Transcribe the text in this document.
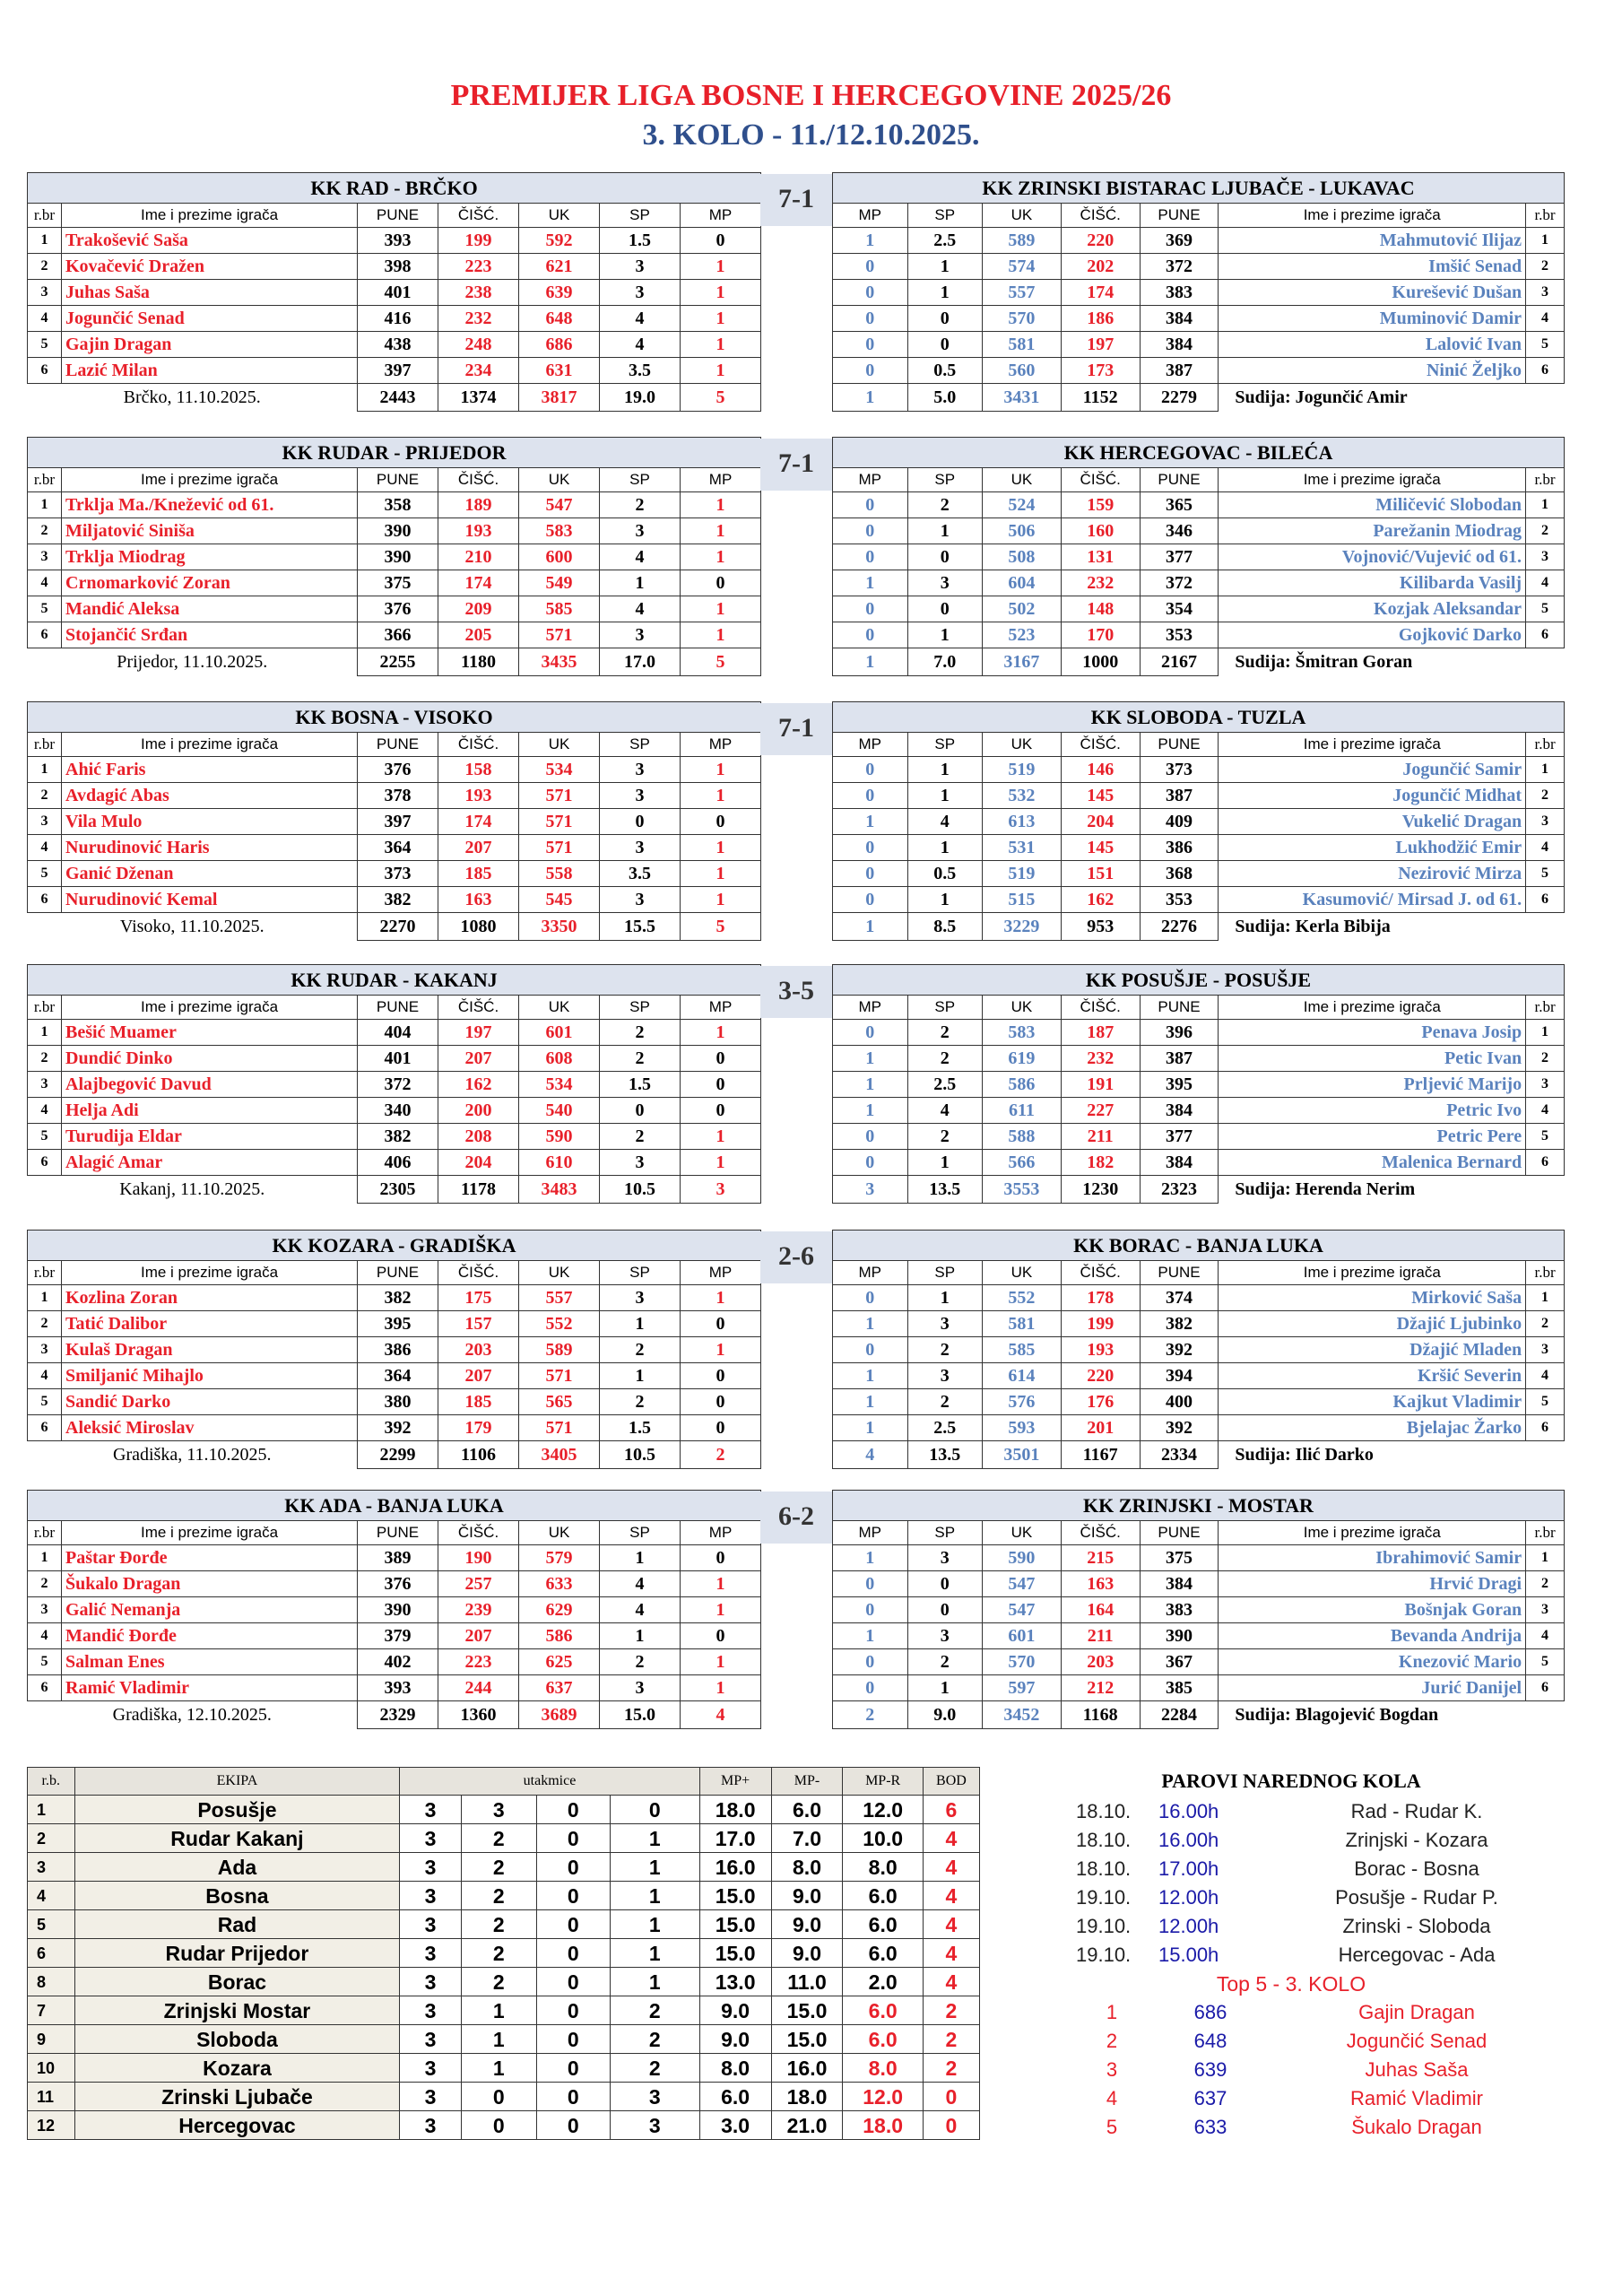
PREMIJER LIGA BOSNE I HERCEGOVINE 2025/26
3. KOLO - 11./12.10.2025.
KK RAD - BRČKO						
r.br	Ime i prezime igrača	PUNE	ČIŠĆ.	UK	SP	MP
1	Trakošević Saša	393	199	592	1.5	0
2	Kovačević Dražen	398	223	621	3	1
3	Juhas Saša	401	238	639	3	1
4	Jogunčić Senad	416	232	648	4	1
5	Gajin Dragan	438	248	686	4	1
6	Lazić Milan	397	234	631	3.5	1
Brčko, 11.10.2025.		2443	1374	3817	19.0	5
7-1	KK ZRINSKI BISTARAC LJUBAČE - LUKAVAC						
MP	SP	UK	ČIŠĆ.	PUNE	Ime i prezime igrača	r.br
1	2.5	589	220	369	Mahmutović Ilijaz	1
0	1	574	202	372	Imšić Senad	2
0	1	557	174	383	Kurešević Dušan	3
0	0	570	186	384	Muminović Damir	4
0	0	581	197	384	Lalović Ivan	5
0	0.5	560	173	387	Ninić Željko	6
1	5.0	3431	1152	2279	Sudija: Jogunčić Amir	
KK RUDAR - PRIJEDOR						
r.br	Ime i prezime igrača	PUNE	ČIŠĆ.	UK	SP	MP
1	Trklja Ma./Knežević od 61.	358	189	547	2	1
2	Miljatović Siniša	390	193	583	3	1
3	Trklja Miodrag	390	210	600	4	1
4	Crnomarković Zoran	375	174	549	1	0
5	Mandić Aleksa	376	209	585	4	1
6	Stojančić Srđan	366	205	571	3	1
Prijedor, 11.10.2025.		2255	1180	3435	17.0	5
7-1	KK HERCEGOVAC - BILEĆA						
MP	SP	UK	ČIŠĆ.	PUNE	Ime i prezime igrača	r.br
0	2	524	159	365	Miličević Slobodan	1
0	1	506	160	346	Parežanin Miodrag	2
0	0	508	131	377	Vojnović/Vujević od 61.	3
1	3	604	232	372	Kilibarda Vasilj	4
0	0	502	148	354	Kozjak Aleksandar	5
0	1	523	170	353	Gojković Darko	6
1	7.0	3167	1000	2167	Sudija: Šmitran Goran	
KK BOSNA - VISOKO						
r.br	Ime i prezime igrača	PUNE	ČIŠĆ.	UK	SP	MP
1	Ahić Faris	376	158	534	3	1
2	Avdagić Abas	378	193	571	3	1
3	Vila Mulo	397	174	571	0	0
4	Nurudinović Haris	364	207	571	3	1
5	Ganić Dženan	373	185	558	3.5	1
6	Nurudinović Kemal	382	163	545	3	1
Visoko, 11.10.2025.		2270	1080	3350	15.5	5
7-1	KK SLOBODA - TUZLA						
MP	SP	UK	ČIŠĆ.	PUNE	Ime i prezime igrača	r.br
0	1	519	146	373	Jogunčić Samir	1
0	1	532	145	387	Jogunčić Midhat	2
1	4	613	204	409	Vukelić Dragan	3
0	1	531	145	386	Lukhodžić Emir	4
0	0.5	519	151	368	Nezirović Mirza	5
0	1	515	162	353	Kasumović/ Mirsad J. od 61.	6
1	8.5	3229	953	2276	Sudija: Kerla Bibija	
KK RUDAR - KAKANJ						
r.br	Ime i prezime igrača	PUNE	ČIŠĆ.	UK	SP	MP
1	Bešić Muamer	404	197	601	2	1
2	Dundić Dinko	401	207	608	2	0
3	Alajbegović Davud	372	162	534	1.5	0
4	Helja Adi	340	200	540	0	0
5	Turudija Eldar	382	208	590	2	1
6	Alagić Amar	406	204	610	3	1
Kakanj, 11.10.2025.		2305	1178	3483	10.5	3
3-5	KK POSUŠJE - POSUŠJE						
MP	SP	UK	ČIŠĆ.	PUNE	Ime i prezime igrača	r.br
0	2	583	187	396	Penava Josip	1
1	2	619	232	387	Petic Ivan	2
1	2.5	586	191	395	Prljević Marijo	3
1	4	611	227	384	Petric Ivo	4
0	2	588	211	377	Petric Pere	5
0	1	566	182	384	Malenica Bernard	6
3	13.5	3553	1230	2323	Sudija: Herenda Nerim	
KK KOZARA - GRADIŠKA						
r.br	Ime i prezime igrača	PUNE	ČIŠĆ.	UK	SP	MP
1	Kozlina Zoran	382	175	557	3	1
2	Tatić Dalibor	395	157	552	1	0
3	Kulaš Dragan	386	203	589	2	1
4	Smiljanić Mihajlo	364	207	571	1	0
5	Sandić Darko	380	185	565	2	0
6	Aleksić Miroslav	392	179	571	1.5	0
Gradiška, 11.10.2025.		2299	1106	3405	10.5	2
2-6	KK BORAC - BANJA LUKA						
MP	SP	UK	ČIŠĆ.	PUNE	Ime i prezime igrača	r.br
0	1	552	178	374	Mirković Saša	1
1	3	581	199	382	Džajić Ljubinko	2
0	2	585	193	392	Džajić Mladen	3
1	3	614	220	394	Kršić Severin	4
1	2	576	176	400	Kajkut Vladimir	5
1	2.5	593	201	392	Bjelajac Žarko	6
4	13.5	3501	1167	2334	Sudija: Ilić Darko	
KK ADA - BANJA LUKA						
r.br	Ime i prezime igrača	PUNE	ČIŠĆ.	UK	SP	MP
1	Paštar Đorđe	389	190	579	1	0
2	Šukalo Dragan	376	257	633	4	1
3	Galić Nemanja	390	239	629	4	1
4	Mandić Đorđe	379	207	586	1	0
5	Salman Enes	402	223	625	2	1
6	Ramić Vladimir	393	244	637	3	1
Gradiška, 12.10.2025.		2329	1360	3689	15.0	4
6-2	KK ZRINJSKI - MOSTAR						
MP	SP	UK	ČIŠĆ.	PUNE	Ime i prezime igrača	r.br
1	3	590	215	375	Ibrahimović Samir	1
0	0	547	163	384	Hrvić Dragi	2
0	0	547	164	383	Bošnjak Goran	3
1	3	601	211	390	Bevanda Andrija	4
0	2	570	203	367	Knezović Mario	5
0	1	597	212	385	Jurić Danijel	6
2	9.0	3452	1168	2284	Sudija: Blagojević Bogdan	
r.b.	EKIPA	utakmice				MP+	MP-	MP-R	BOD
1	Posušje	3	3	0	0	18.0	6.0	12.0	6
2	Rudar Kakanj	3	2	0	1	17.0	7.0	10.0	4
3	Ada	3	2	0	1	16.0	8.0	8.0	4
4	Bosna	3	2	0	1	15.0	9.0	6.0	4
5	Rad	3	2	0	1	15.0	9.0	6.0	4
6	Rudar Prijedor	3	2	0	1	15.0	9.0	6.0	4
8	Borac	3	2	0	1	13.0	11.0	2.0	4
7	Zrinjski Mostar	3	1	0	2	9.0	15.0	6.0	2
9	Sloboda	3	1	0	2	9.0	15.0	6.0	2
10	Kozara	3	1	0	2	8.0	16.0	8.0	2
11	Zrinski Ljubače	3	0	0	3	6.0	18.0	12.0	0
12	Hercegovac	3	0	0	3	3.0	21.0	18.0	0
PAROVI NAREDNOG KOLA
18.10. 16.00h	Rad - Rudar K.
18.10. 16.00h	Zrinjski - Kozara
18.10. 17.00h	Borac - Bosna
19.10. 12.00h	Posušje - Rudar P.
19.10. 12.00h	Zrinski - Sloboda
19.10. 15.00h	Hercegovac - Ada
Top 5 - 3. KOLO
1	686	Gajin Dragan
2	648	Jogunčić Senad
3	639	Juhas Saša
4	637	Ramić Vladimir
5	633	Šukalo Dragan
